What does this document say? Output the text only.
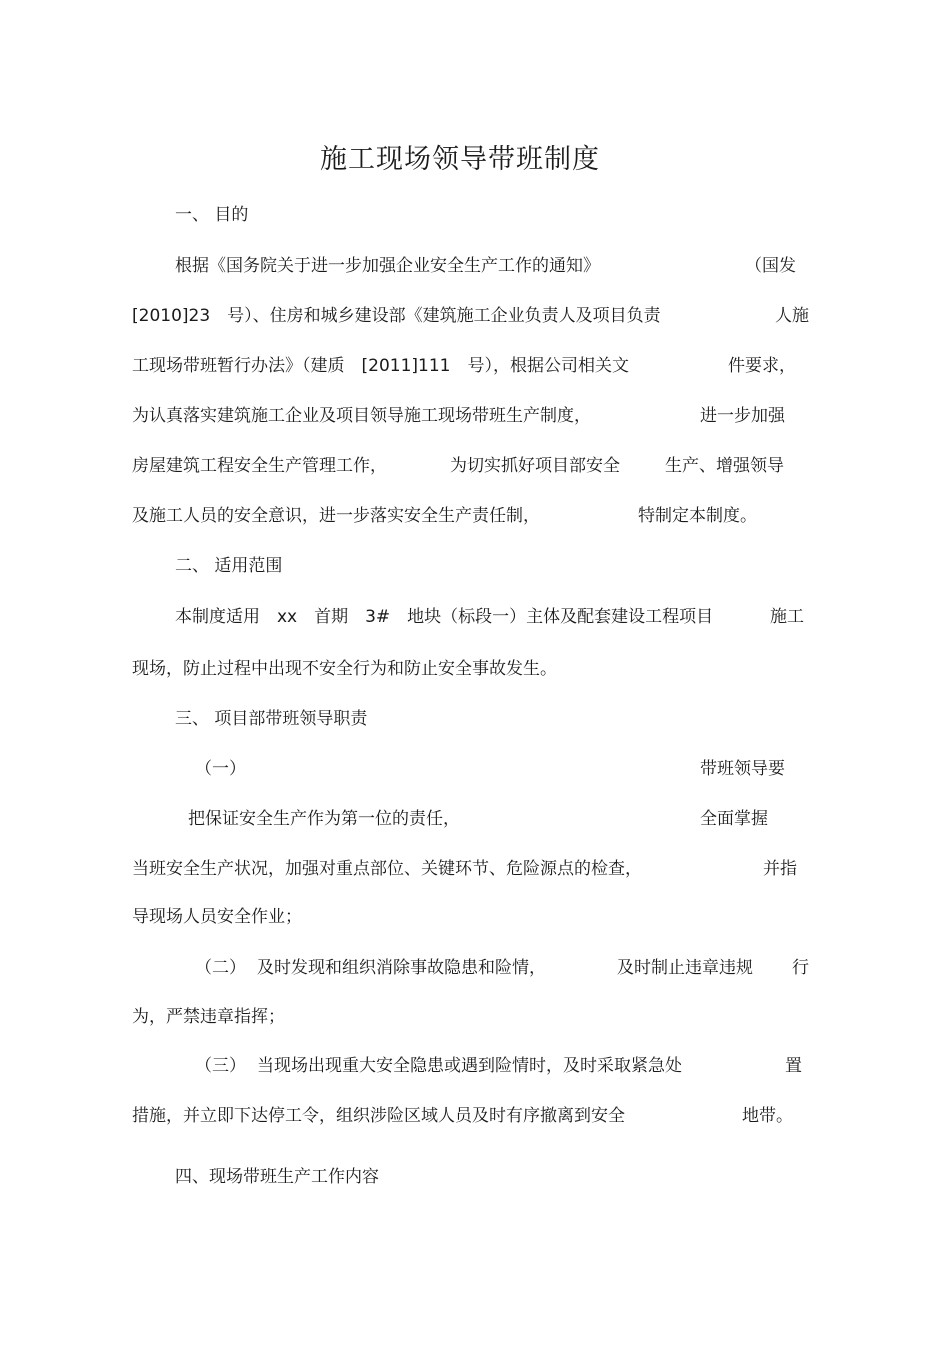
施工现场领导带班制度
一、 目的
根据《国务院关于进一步加强企业安全生产工作的通知》	（国发
[2010]23　号）、住房和城乡建设部《建筑施工企业负责人及项目负责	人施
工现场带班暂行办法》（建质　[2011]111　号），根据公司相关文	件要求，
为认真落实建筑施工企业及项目领导施工现场带班生产制度，	进一步加强
房屋建筑工程安全生产管理工作，	为切实抓好项目部安全	生产、增强领导
及施工人员的安全意识，进一步落实安全生产责任制，	特制定本制度。
二、 适用范围
本制度适用　xx　首期　3#　地块（标段一）主体及配套建设工程项目	施工
现场，防止过程中出现不安全行为和防止安全事故发生。
三、 项目部带班领导职责
（一）	带班领导要
把保证安全生产作为第一位的责任，	全面掌握
当班安全生产状况，加强对重点部位、关键环节、危险源点的检查，	并指
导现场人员安全作业；
（二） 及时发现和组织消除事故隐患和险情，	及时制止违章违规 行
为，严禁违章指挥；
（三） 当现场出现重大安全隐患或遇到险情时，及时采取紧急处	置
措施，并立即下达停工令，组织涉险区域人员及时有序撤离到安全	地带。
四、现场带班生产工作内容
